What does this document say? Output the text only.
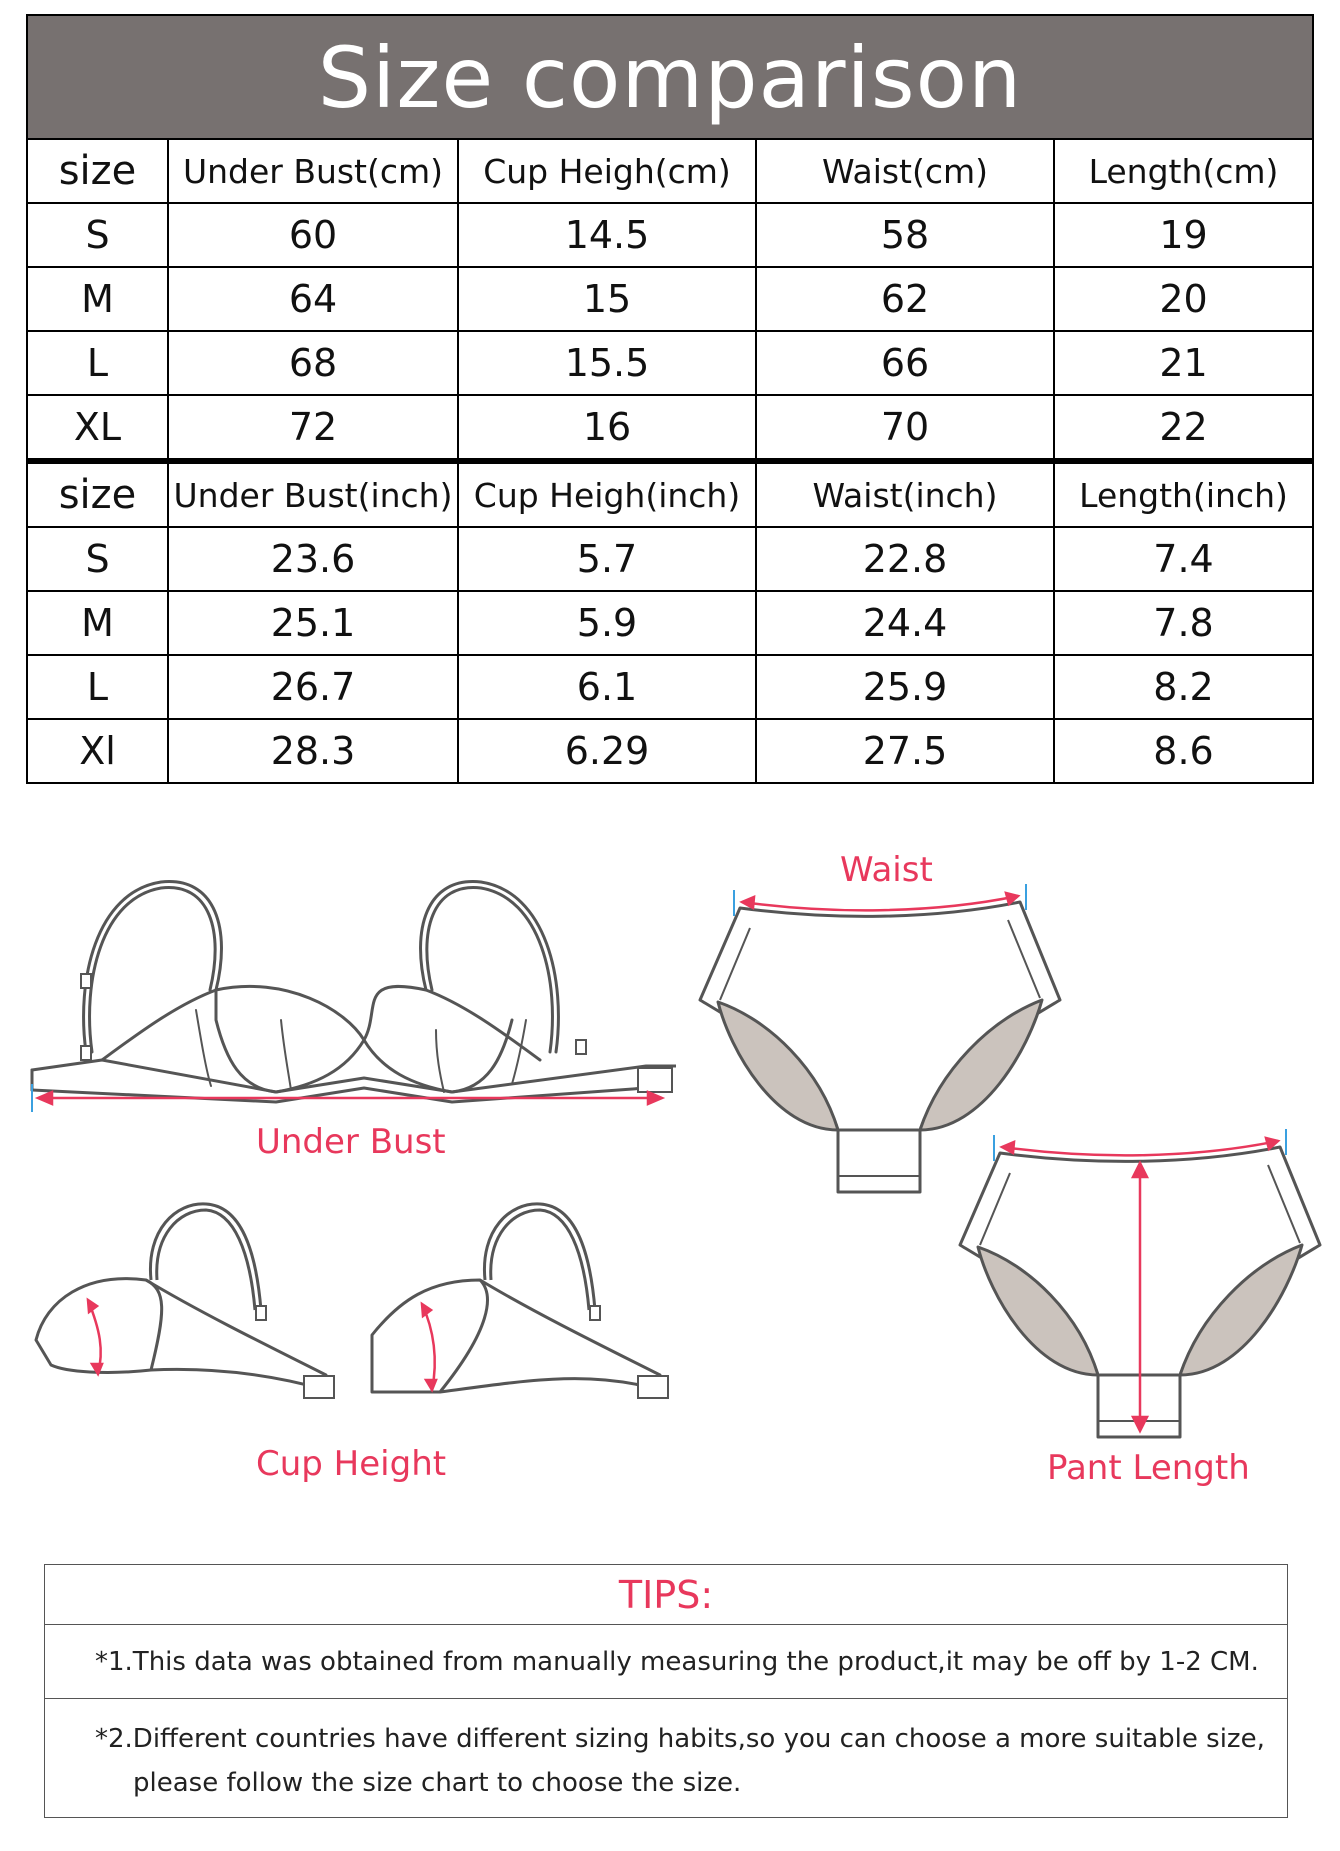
Size comparison
size	Under Bust(cm)	Cup Heigh(cm)	Waist(cm)	Length(cm)
S	60	14.5	58	19
M	64	15	62	20
L	68	15.5	66	21
XL	72	16	70	22
size	Under Bust(inch)	Cup Heigh(inch)	Waist(inch)	Length(inch)
S	23.6	5.7	22.8	7.4
M	25.1	5.9	24.4	7.8
L	26.7	6.1	25.9	8.2
Xl	28.3	6.29	27.5	8.6
Under Bust
Cup Height
Waist
Pant Length
TIPS:
*1.This data was obtained from manually measuring the product,it may be off by 1-2 CM.
*2.Different countries have different sizing habits,so you can choose a more suitable size,
please follow the size chart to choose the size.
